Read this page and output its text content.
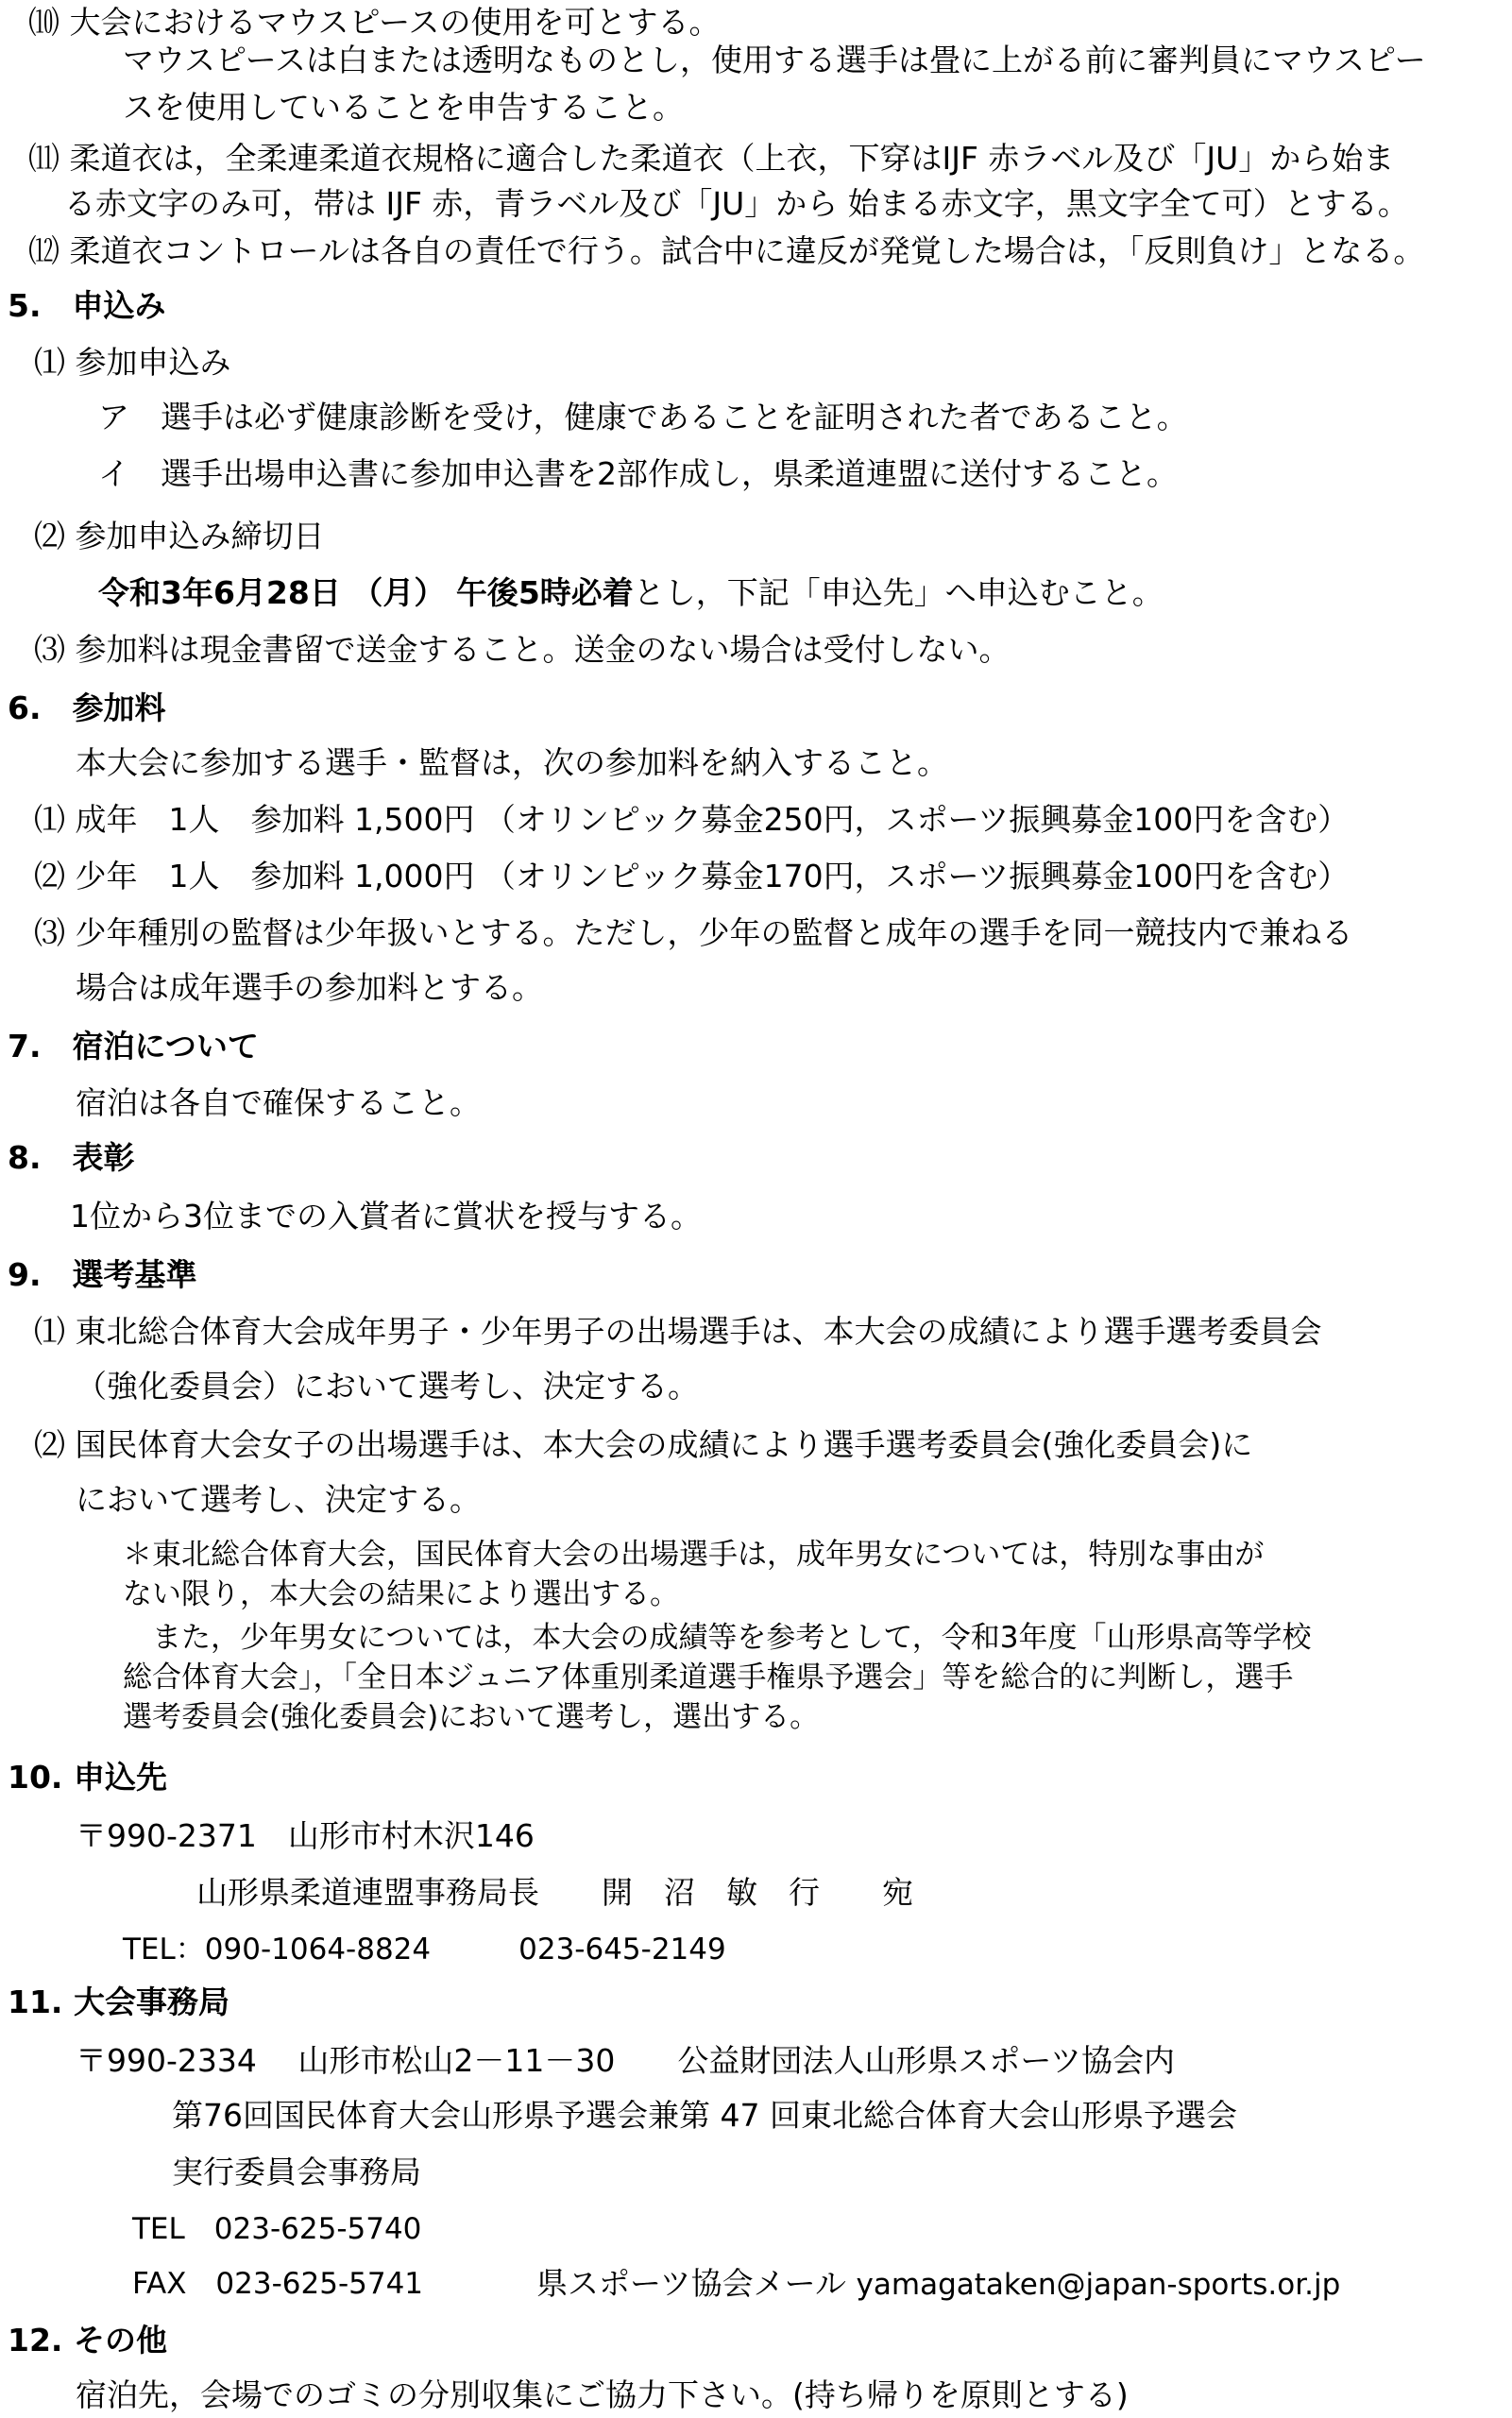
⑽ 大会におけるマウスピースの使用を可とする。
マウスピースは白または透明なものとし，使用する選手は畳に上がる前に審判員にマウスピー
スを使用していることを申告すること。
⑾ 柔道衣は，全柔連柔道衣規格に適合した柔道衣（上衣，下穿はIJF 赤ラベル及び「JU」から始ま
る赤文字のみ可，帯は IJF 赤，青ラベル及び「JU」から 始まる赤文字，黒文字全て可）とする。
⑿ 柔道衣コントロールは各自の責任で行う。試合中に違反が発覚した場合は，「反則負け」となる。
5.　申込み
⑴ 参加申込み
ア　選手は必ず健康診断を受け，健康であることを証明された者であること。
イ　選手出場申込書に参加申込書を2部作成し，県柔道連盟に送付すること。
⑵ 参加申込み締切日
令和3年6月28日 （月） 午後5時必着とし，下記「申込先」へ申込むこと。
⑶ 参加料は現金書留で送金すること。送金のない場合は受付しない。
6.　参加料
本大会に参加する選手・監督は，次の参加料を納入すること。
⑴ 成年　1人　参加料 1,500円 （オリンピック募金250円，スポーツ振興募金100円を含む）
⑵ 少年　1人　参加料 1,000円 （オリンピック募金170円，スポーツ振興募金100円を含む）
⑶ 少年種別の監督は少年扱いとする。ただし，少年の監督と成年の選手を同一競技内で兼ねる
場合は成年選手の参加料とする。
7.　宿泊について
宿泊は各自で確保すること。
8.　表彰
1位から3位までの入賞者に賞状を授与する。
9.　選考基準
⑴ 東北総合体育大会成年男子・少年男子の出場選手は、本大会の成績により選手選考委員会
（強化委員会）において選考し、決定する。
⑵ 国民体育大会女子の出場選手は、本大会の成績により選手選考委員会(強化委員会)に
において選考し、決定する。
＊東北総合体育大会，国民体育大会の出場選手は，成年男女については，特別な事由が
ない限り，本大会の結果により選出する。
　また，少年男女については，本大会の成績等を参考として，令和3年度「山形県高等学校
総合体育大会」，「全日本ジュニア体重別柔道選手権県予選会」等を総合的に判断し，選手
選考委員会(強化委員会)において選考し，選出する。
10. 申込先
〒990-2371　山形市村木沢146
山形県柔道連盟事務局長　　開　沼　敏　行　　宛
TEL：090-1064-8824　　　023-645-2149
11. 大会事務局
〒990-2334　 山形市松山2－11－30　　公益財団法人山形県スポーツ協会内
第76回国民体育大会山形県予選会兼第 47 回東北総合体育大会山形県予選会
実行委員会事務局
TEL　023-625-5740
FAX　023-625-5741	県スポーツ協会メール yamagataken@japan-sports.or.jp
12. その他
宿泊先，会場でのゴミの分別収集にご協力下さい。(持ち帰りを原則とする)
